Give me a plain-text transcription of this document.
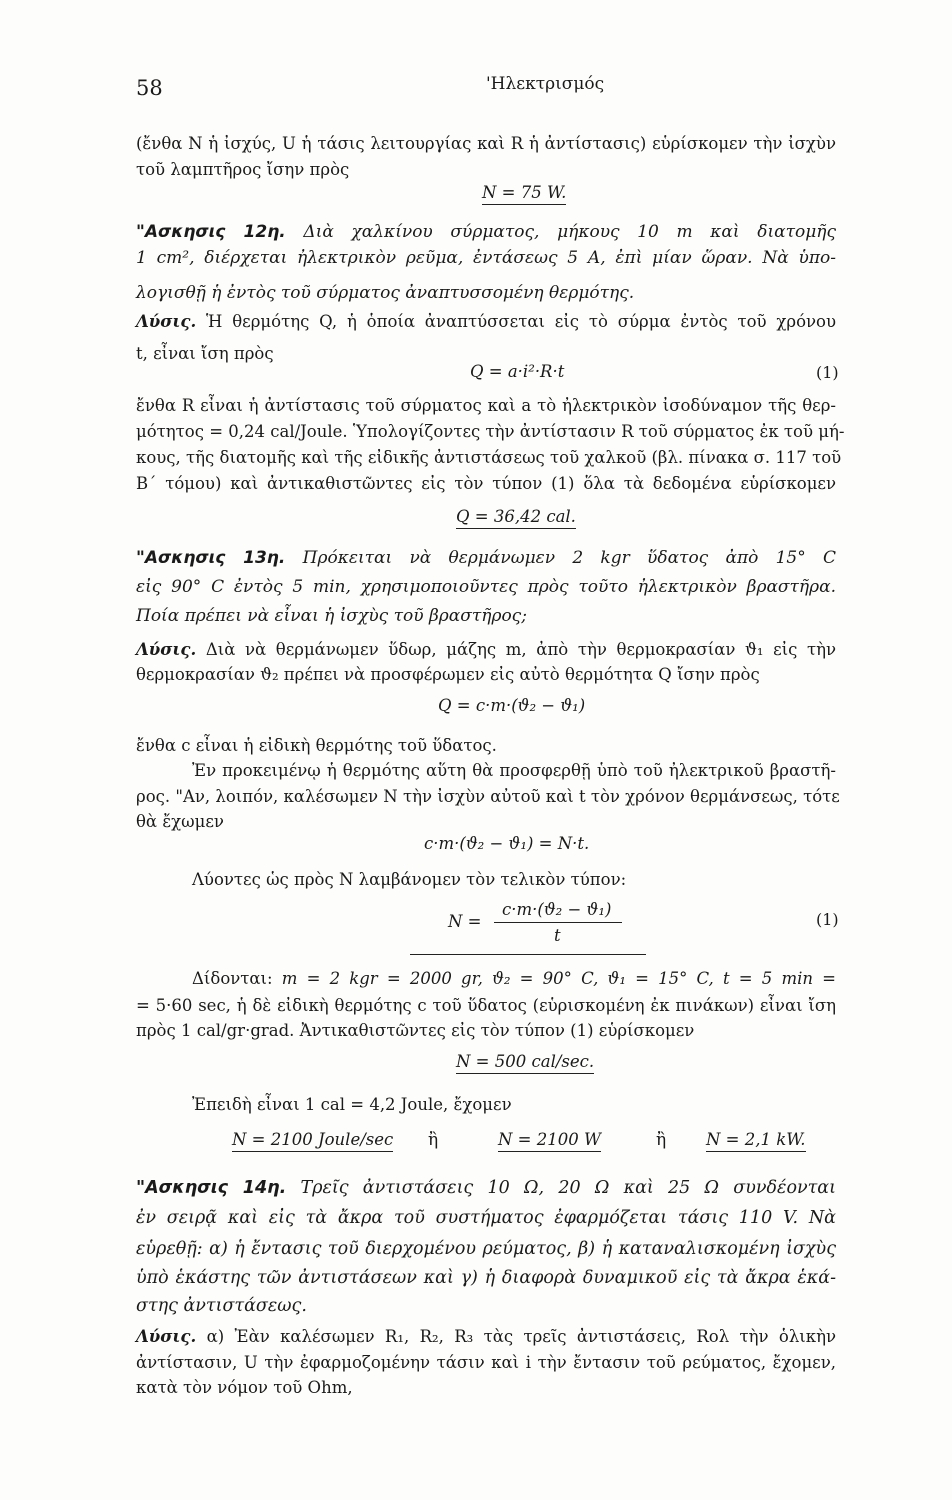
58	'Ηλεκτρισμός
(ἔνθα N ἡ ἰσχύς, U ἡ τάσις λειτουργίας καὶ R ἡ ἀντίστασις) εὑρίσκομεν τὴν ἰσχὺν
τοῦ λαμπτῆρος ἴσην πρὸς
N = 75 W.
"Ασκησις 12η. Διὰ χαλκίνου σύρματος, μήκους 10 m καὶ διατομῆς
1 cm², διέρχεται ἠλεκτρικὸν ρεῦμα, ἐντάσεως 5 A, ἐπὶ μίαν ὥραν. Νὰ ὑπο-
λογισθῇ ἡ ἐντὸς τοῦ σύρματος ἀναπτυσσομένη θερμότης.
Λύσις. Ἡ θερμότης Q, ἡ ὁποία ἀναπτύσσεται εἰς τὸ σύρμα ἐντὸς τοῦ χρόνου
t, εἶναι ἴση πρὸς
Q = a·i²·R·t	(1)
ἔνθα R εἶναι ἡ ἀντίστασις τοῦ σύρματος καὶ a τὸ ἠλεκτρικὸν ἰσοδύναμον τῆς θερ-
μότητος = 0,24 cal/Joule. Ὑπολογίζοντες τὴν ἀντίστασιν R τοῦ σύρματος ἐκ τοῦ μή-
κους, τῆς διατομῆς καὶ τῆς εἰδικῆς ἀντιστάσεως τοῦ χαλκοῦ (βλ. πίνακα σ. 117 τοῦ
Β΄ τόμου) καὶ ἀντικαθιστῶντες εἰς τὸν τύπον (1) ὅλα τὰ δεδομένα εὑρίσκομεν
Q = 36,42 cal.
"Ασκησις 13η. Πρόκειται νὰ θερμάνωμεν 2 kgr ὕδατος ἀπὸ 15° C
εἰς 90° C ἐντὸς 5 min, χρησιμοποιοῦντες πρὸς τοῦτο ἠλεκτρικὸν βραστῆρα.
Ποία πρέπει νὰ εἶναι ἡ ἰσχὺς τοῦ βραστῆρος;
Λύσις. Διὰ νὰ θερμάνωμεν ὕδωρ, μάζης m, ἀπὸ τὴν θερμοκρασίαν ϑ₁ εἰς τὴν
θερμοκρασίαν ϑ₂ πρέπει νὰ προσφέρωμεν εἰς αὐτὸ θερμότητα Q ἴσην πρὸς
Q = c·m·(ϑ₂ − ϑ₁)
ἔνθα c εἶναι ἡ εἰδικὴ θερμότης τοῦ ὕδατος.
Ἐν προκειμένῳ ἡ θερμότης αὕτη θὰ προσφερθῇ ὑπὸ τοῦ ἠλεκτρικοῦ βραστῆ-
ρος. "Αν, λοιπόν, καλέσωμεν N τὴν ἰσχὺν αὐτοῦ καὶ t τὸν χρόνον θερμάνσεως, τότε
θὰ ἔχωμεν
c·m·(ϑ₂ − ϑ₁) = N·t.
Λύοντες ὡς πρὸς N λαμβάνομεν τὸν τελικὸν τύπον:
N =
c·m·(ϑ₂ − ϑ₁)
t
(1)
Δίδονται: m = 2 kgr = 2000 gr, ϑ₂ = 90° C, ϑ₁ = 15° C, t = 5 min =
= 5·60 sec, ἡ δὲ εἰδικὴ θερμότης c τοῦ ὕδατος (εὑρισκομένη ἐκ πινάκων) εἶναι ἴση
πρὸς 1 cal/gr·grad. Ἀντικαθιστῶντες εἰς τὸν τύπον (1) εὑρίσκομεν
N = 500 cal/sec.
Ἐπειδὴ εἶναι 1 cal = 4,2 Joule, ἔχομεν
N = 2100 Joule/sec ἢ	N = 2100 W	ἢ N = 2,1 kW.
"Ασκησις 14η. Τρεῖς ἀντιστάσεις 10 Ω, 20 Ω καὶ 25 Ω συνδέονται
ἐν σειρᾷ καὶ εἰς τὰ ἄκρα τοῦ συστήματος ἐφαρμόζεται τάσις 110 V. Νὰ
εὑρεθῇ: α) ἡ ἔντασις τοῦ διερχομένου ρεύματος, β) ἡ καταναλισκομένη ἰσχὺς
ὑπὸ ἑκάστης τῶν ἀντιστάσεων καὶ γ) ἡ διαφορὰ δυναμικοῦ εἰς τὰ ἄκρα ἑκά-
στης ἀντιστάσεως.
Λύσις. α) Ἐὰν καλέσωμεν R₁, R₂, R₃ τὰς τρεῖς ἀντιστάσεις, Rολ τὴν ὁλικὴν
ἀντίστασιν, U τὴν ἐφαρμοζομένην τάσιν καὶ i τὴν ἔντασιν τοῦ ρεύματος, ἔχομεν,
κατὰ τὸν νόμον τοῦ Ohm,
